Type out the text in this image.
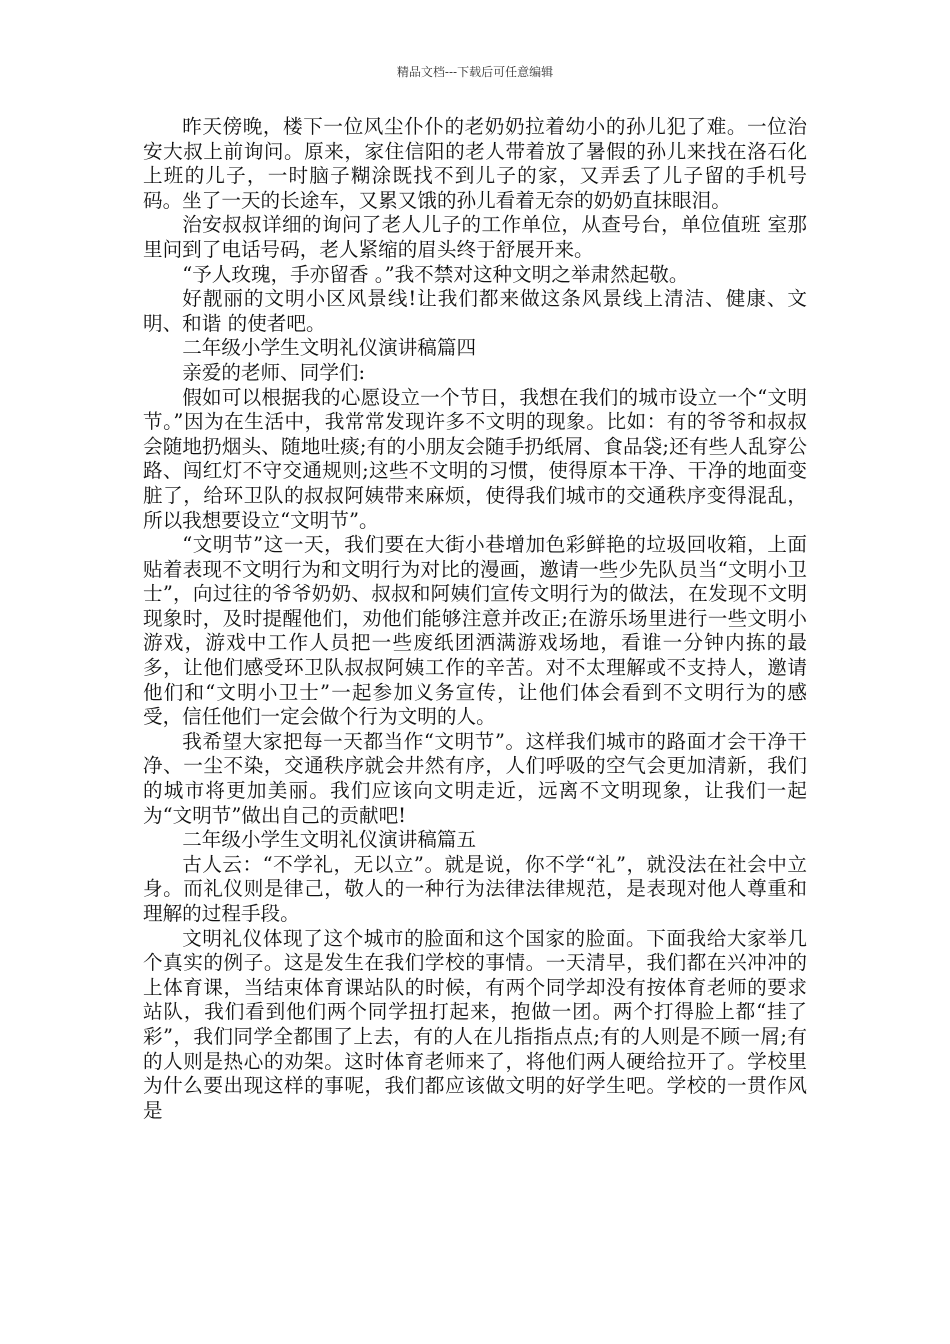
精品文档---下载后可任意编辑

昨天傍晚，楼下一位风尘仆仆的老奶奶拉着幼小的孙儿犯了难。一位治安大叔上前询问。原来，家住信阳的老人带着放了暑假的孙儿来找在洛石化上班的儿子，一时脑子糊涂既找不到儿子的家，又弄丢了儿子留的手机号码。坐了一天的长途车，又累又饿的孙儿看着无奈的奶奶直抹眼泪。

治安叔叔详细的询问了老人儿子的工作单位，从查号台，单位值班 室那里问到了电话号码，老人紧缩的眉头终于舒展开来。

“予人玫瑰，手亦留香 。”我不禁对这种文明之举肃然起敬。

好靓丽的文明小区风景线!让我们都来做这条风景线上清洁、健康、文明、和谐 的使者吧。

二年级小学生文明礼仪演讲稿篇四

亲爱的老师、同学们:

假如可以根据我的心愿设立一个节日，我想在我们的城市设立一个“文明节。”因为在生活中，我常常发现许多不文明的现象。比如：有的爷爷和叔叔会随地扔烟头、随地吐痰;有的小朋友会随手扔纸屑、食品袋;还有些人乱穿公路、闯红灯不守交通规则;这些不文明的习惯，使得原本干净、干净的地面变脏了，给环卫队的叔叔阿姨带来麻烦，使得我们城市的交通秩序变得混乱，所以我想要设立“文明节”。

“文明节”这一天，我们要在大街小巷增加色彩鲜艳的垃圾回收箱，上面贴着表现不文明行为和文明行为对比的漫画，邀请一些少先队员当“文明小卫士”，向过往的爷爷奶奶、叔叔和阿姨们宣传文明行为的做法，在发现不文明现象时，及时提醒他们，劝他们能够注意并改正;在游乐场里进行一些文明小游戏，游戏中工作人员把一些废纸团洒满游戏场地，看谁一分钟内拣的最多，让他们感受环卫队叔叔阿姨工作的辛苦。对不太理解或不支持人，邀请他们和“文明小卫士”一起参加义务宣传，让他们体会看到不文明行为的感受，信任他们一定会做个行为文明的人。

我希望大家把每一天都当作“文明节”。这样我们城市的路面才会干净干净、一尘不染，交通秩序就会井然有序，人们呼吸的空气会更加清新，我们的城市将更加美丽。我们应该向文明走近，远离不文明现象，让我们一起为“文明节”做出自己的贡献吧!

二年级小学生文明礼仪演讲稿篇五

古人云：“不学礼，无以立”。就是说，你不学“礼”，就没法在社会中立身。而礼仪则是律己，敬人的一种行为法律法律规范，是表现对他人尊重和理解的过程手段。

文明礼仪体现了这个城市的脸面和这个国家的脸面。下面我给大家举几个真实的例子。这是发生在我们学校的事情。一天清早，我们都在兴冲冲的上体育课，当结束体育课站队的时候，有两个同学却没有按体育老师的要求站队，我们看到他们两个同学扭打起来，抱做一团。两个打得脸上都“挂了彩”，我们同学全都围了上去，有的人在儿指指点点;有的人则是不顾一屑;有的人则是热心的劝架。这时体育老师来了，将他们两人硬给拉开了。学校里为什么要出现这样的事呢，我们都应该做文明的好学生吧。学校的一贯作风是
